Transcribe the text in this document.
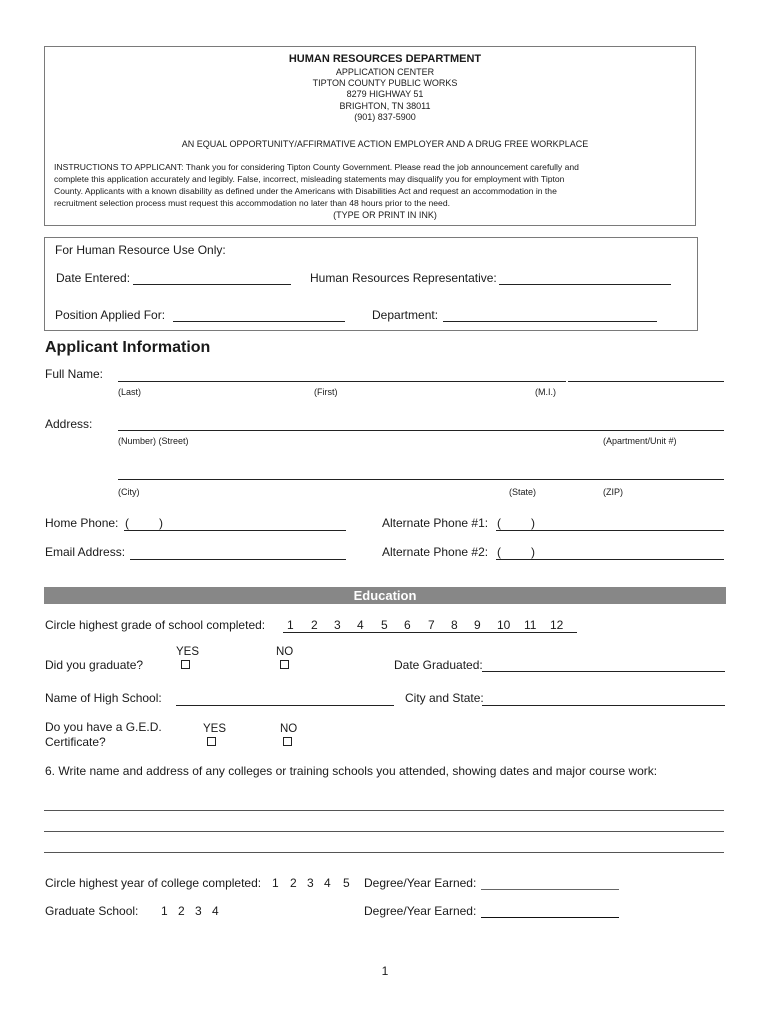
HUMAN RESOURCES DEPARTMENT
APPLICATION CENTER
TIPTON COUNTY PUBLIC WORKS
8279 HIGHWAY 51
BRIGHTON, TN 38011
(901) 837-5900
AN EQUAL OPPORTUNITY/AFFIRMATIVE ACTION EMPLOYER AND A DRUG FREE WORKPLACE
INSTRUCTIONS TO APPLICANT: Thank you for considering Tipton County Government. Please read the job announcement carefully and
complete this application accurately and legibly. False, incorrect, misleading statements may disqualify you for employment with Tipton
County. Applicants with a known disability as defined under the Americans with Disabilities Act and request an accommodation in the
recruitment selection process must request this accommodation no later than 48 hours prior to the need.
(TYPE OR PRINT IN INK)
For Human Resource Use Only:
Date Entered:	Human Resources Representative:
Position Applied For:	Department:
Applicant Information
Full Name:
(Last)	(First)	(M.I.)
Address:
(Number) (Street)	(Apartment/Unit #)
(City)	(State)	(ZIP)
Home Phone: (         )	Alternate Phone #1: (         )
Email Address:	Alternate Phone #2: (         )
Education
Circle highest grade of school completed: 1 2 3 4 5 6 7 8 9 10 11 12
YES	NO
Did you graduate?	Date Graduated:
Name of High School:	City and State:
Do you have a G.E.D.
Certificate?
YES	NO
6. Write name and address of any colleges or training schools you attended, showing dates and major course work:
Circle highest year of college completed: 1 2 3 4 5 Degree/Year Earned:
Graduate School: 1 2 3 4	Degree/Year Earned:
1
